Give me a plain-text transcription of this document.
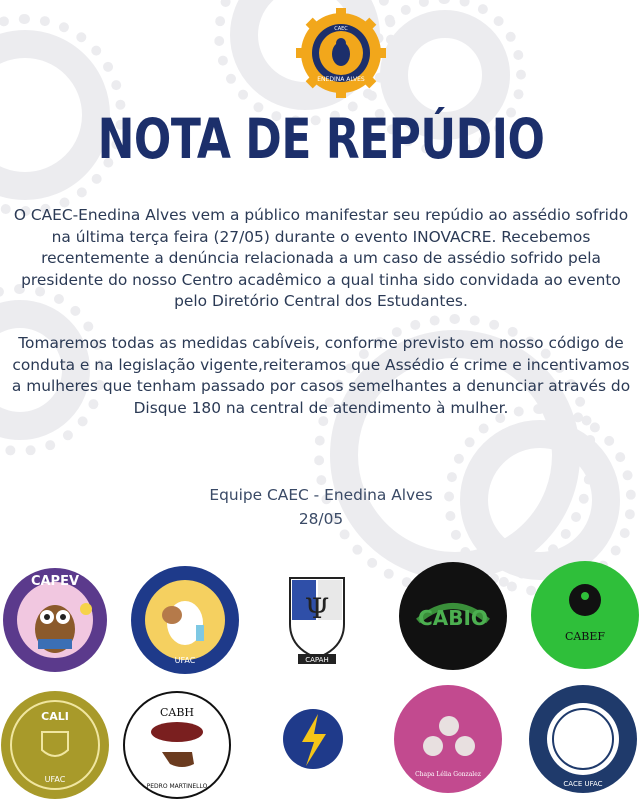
CAEC
ENEDINA ALVES
NOTA DE REPÚDIO
O CAEC-Enedina Alves vem a público manifestar seu repúdio ao assédio sofrido na última terça feira (27/05) durante o evento INOVACRE. Recebemos recentemente a denúncia relacionada a um caso de assédio sofrido pela presidente do nosso Centro acadêmico a qual tinha sido convidada ao evento pelo Diretório Central dos Estudantes.
Tomaremos todas as medidas cabíveis, conforme previsto em nosso código de conduta e na legislação vigente,reiteramos que Assédio é crime e incentivamos a mulheres que tenham passado por casos semelhantes a denunciar através do Disque 180 na central de atendimento à mulher.
Equipe CAEC - Enedina Alves
28/05
CAPEV
UFAC
Ψ
CAPAH
CABIO
CABEF
CALI
UFAC
CABH
PEDRO MARTINELLO
Chapa Lélia Gonzalez
CACE UFAC
